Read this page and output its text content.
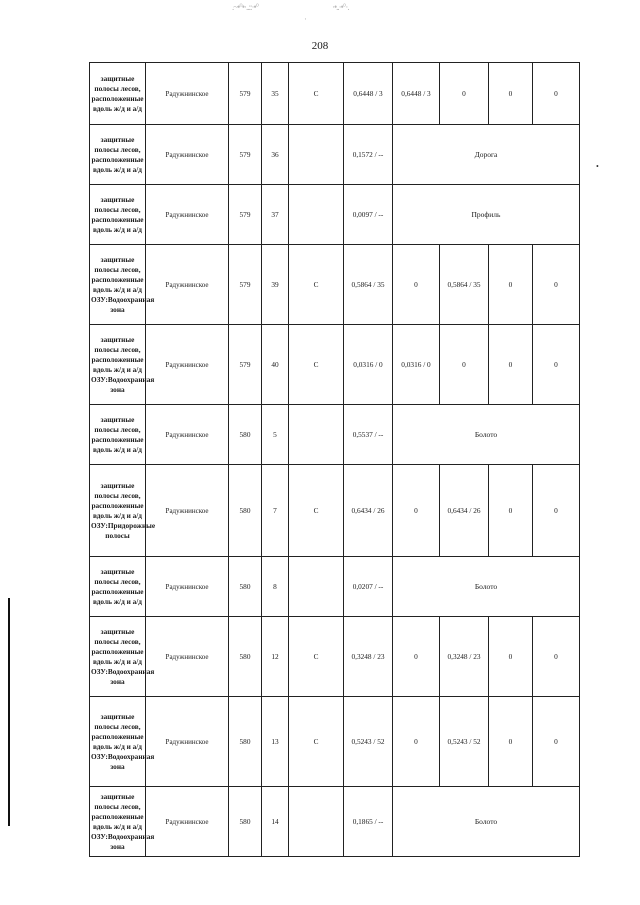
.~•°•·..::·•°	·•..·•°·.
·
208
•
защитные полосы лесов, расположенные вдоль ж/д и а/д	Радужнинское	579	35	С	0,6448 / 3	0,6448 / 3	0	0	0
защитные полосы лесов, расположенные вдоль ж/д и а/д	Радужнинское	579	36		0,1572 / --	Дорога			
защитные полосы лесов, расположенные вдоль ж/д и а/д	Радужнинское	579	37		0,0097 / --	Профиль			
защитные полосы лесов, расположенные вдоль ж/д и а/д ОЗУ:Водоохранная зона	Радужнинское	579	39	С	0,5864 / 35	0	0,5864 / 35	0	0
защитные полосы лесов, расположенные вдоль ж/д и а/д ОЗУ:Водоохранная зона	Радужнинское	579	40	С	0,0316 / 0	0,0316 / 0	0	0	0
защитные полосы лесов, расположенные вдоль ж/д и а/д	Радужнинское	580	5		0,5537 / --	Болото			
защитные полосы лесов, расположенные вдоль ж/д и а/д ОЗУ:Придорожные полосы	Радужнинское	580	7	С	0,6434 / 26	0	0,6434 / 26	0	0
защитные полосы лесов, расположенные вдоль ж/д и а/д	Радужнинское	580	8		0,0207 / --	Болото			
защитные полосы лесов, расположенные вдоль ж/д и а/д ОЗУ:Водоохранная зона	Радужнинское	580	12	С	0,3248 / 23	0	0,3248 / 23	0	0
защитные полосы лесов, расположенные вдоль ж/д и а/д ОЗУ:Водоохранная зона	Радужнинское	580	13	С	0,5243 / 52	0	0,5243 / 52	0	0
защитные полосы лесов, расположенные вдоль ж/д и а/д ОЗУ:Водоохранная зона	Радужнинское	580	14		0,1865 / --	Болото			
